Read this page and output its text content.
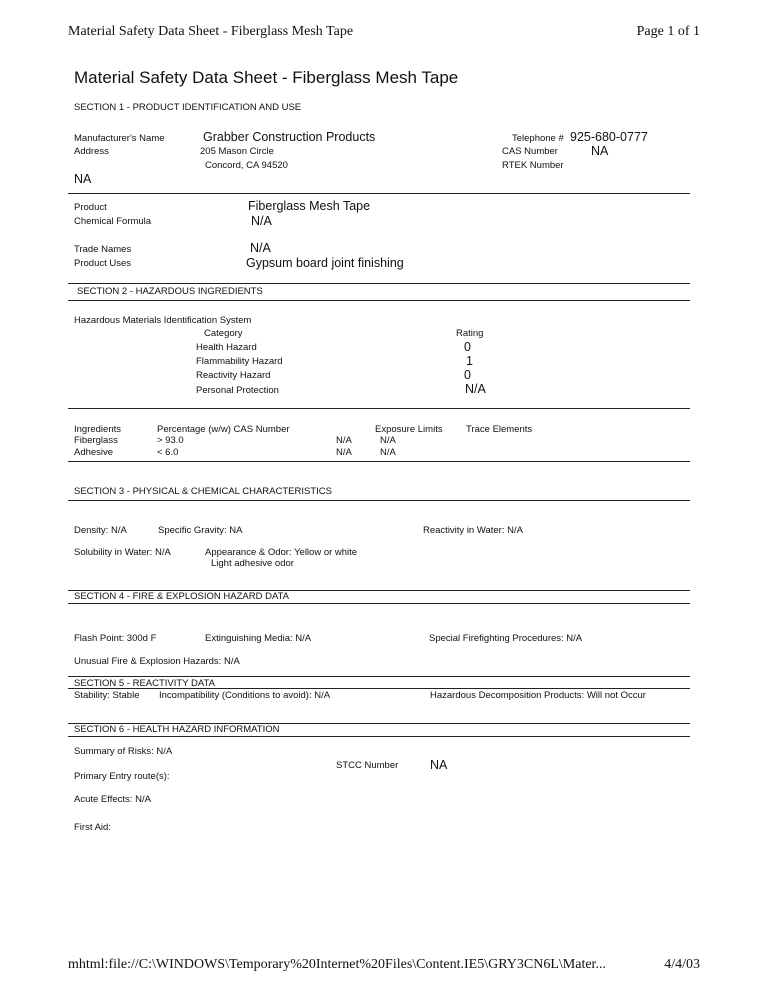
Material Safety Data Sheet - Fiberglass Mesh Tape	Page 1 of 1
Material Safety Data Sheet - Fiberglass Mesh Tape
SECTION 1 - PRODUCT IDENTIFICATION AND USE
Manufacturer's Name	Grabber Construction Products
Address	205 Mason Circle
Concord, CA 94520
Telephone # 925-680-0777
CAS Number	NA
RTEK Number
NA
Product	Fiberglass Mesh Tape
Chemical Formula	N/A
Trade Names	N/A
Product Uses	Gypsum board joint finishing
SECTION 2 - HAZARDOUS INGREDIENTS
Hazardous Materials Identification System
Category	Rating
Health Hazard	0
Flammability Hazard	1
Reactivity Hazard	0
Personal Protection	N/A
Ingredients	Percentage (w/w) CAS Number	Exposure Limits Trace Elements
Fiberglass	> 93.0	N/A	N/A
Adhesive	< 6.0	N/A	N/A
SECTION 3 - PHYSICAL & CHEMICAL CHARACTERISTICS
Density: N/A	Specific Gravity: NA	Reactivity in Water: N/A
Solubility in Water: N/A	Appearance & Odor: Yellow or white
Light adhesive odor
SECTION 4 - FIRE & EXPLOSION HAZARD DATA
Flash Point: 300d F	Extinguishing Media: N/A	Special Firefighting Procedures: N/A
Unusual Fire & Explosion Hazards: N/A
SECTION 5 - REACTIVITY DATA
Stability: Stable Incompatibility (Conditions to avoid): N/A	Hazardous Decomposition Products: Will not Occur
SECTION 6 - HEALTH HAZARD INFORMATION
Summary of Risks: N/A
STCC Number	NA
Primary Entry route(s):
Acute Effects: N/A
First Aid:
mhtml:file://C:\WINDOWS\Temporary%20Internet%20Files\Content.IE5\GRY3CN6L\Mater...	4/4/03
